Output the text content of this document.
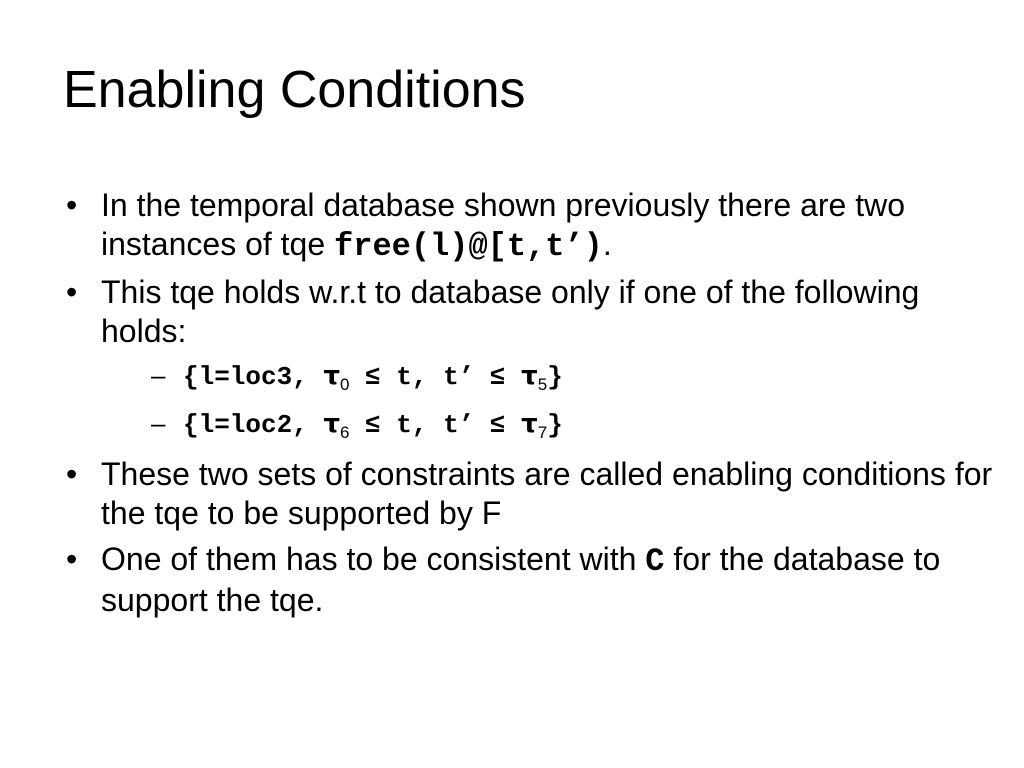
Enabling Conditions
• In the temporal database shown previously there are two instances of tqe free(l)@[t,t’).
• This tqe holds w.r.t to database only if one of the following holds:
– {l=loc3, $\tau_0 \le t$, t’ ≤ $\tau_5$}
– {l=loc2, $\tau_6 \le t$, t’ ≤ $\tau_7$}
• These two sets of constraints are called enabling conditions for the tqe to be supported by F
• One of them has to be consistent with C for the database to support the tqe.
